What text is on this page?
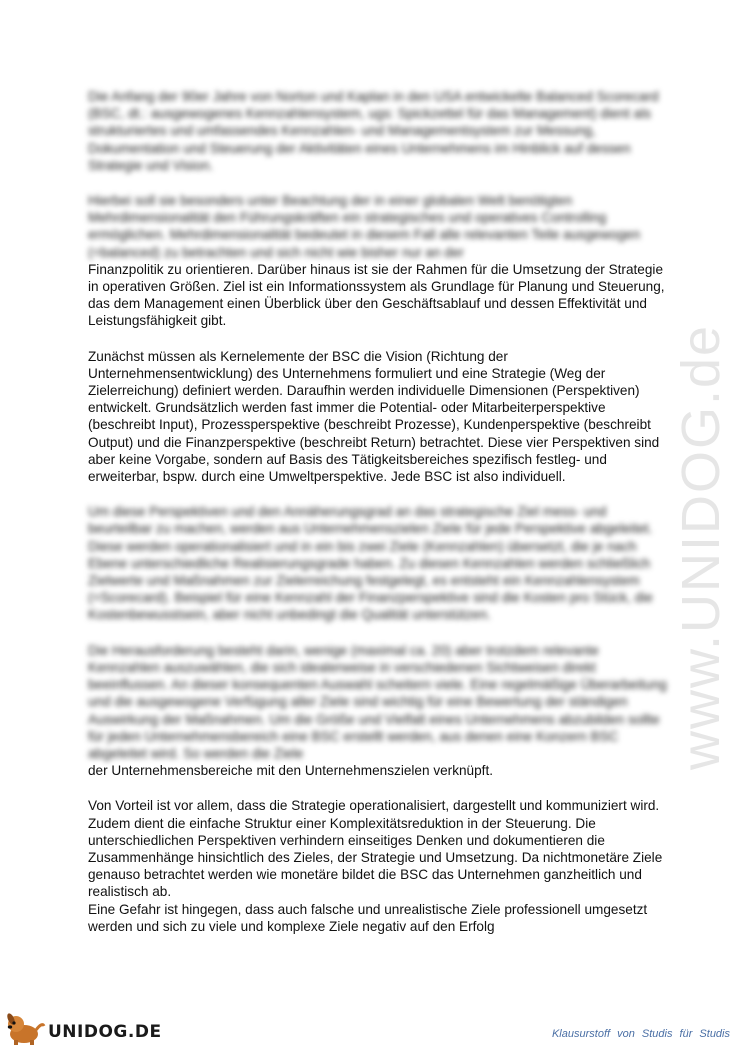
www.UNIDOG.de

Die Anfang der 90er Jahre von Norton und Kaplan in den USA entwickelte Balanced Scorecard (BSC, dt.: ausgewogenes Kennzahlensystem, ugs: Spickzettel für das Management) dient als strukturiertes und umfassendes Kennzahlen- und Managementsystem zur Messung, Dokumentation und Steuerung der Aktivitäten eines Unternehmens im Hinblick auf dessen Strategie und Vision.

Hierbei soll sie besonders unter Beachtung der in einer globalen Welt benötigten Mehrdimensionalität den Führungskräften ein strategisches und operatives Controlling ermöglichen. Mehrdimensionalität bedeutet in diesem Fall alle relevanten Teile ausgewogen (=balanced) zu betrachten und sich nicht wie bisher nur an der

Finanzpolitik zu orientieren. Darüber hinaus ist sie der Rahmen für die Umsetzung der Strategie in operativen Größen. Ziel ist ein Informationssystem als Grundlage für Planung und Steuerung, das dem Management einen Überblick über den Geschäftsablauf und dessen Effektivität und Leistungsfähigkeit gibt.

Zunächst müssen als Kernelemente der BSC die Vision (Richtung der Unternehmensentwicklung) des Unternehmens formuliert und eine Strategie (Weg der Zielerreichung) definiert werden. Daraufhin werden individuelle Dimensionen (Perspektiven) entwickelt. Grundsätzlich werden fast immer die Potential- oder Mitarbeiterperspektive (beschreibt Input), Prozessperspektive (beschreibt Prozesse), Kundenperspektive (beschreibt Output) und die Finanzperspektive (beschreibt Return) betrachtet. Diese vier Perspektiven sind aber keine Vorgabe, sondern auf Basis des Tätigkeitsbereiches spezifisch festleg- und erweiterbar, bspw. durch eine Umweltperspektive. Jede BSC ist also individuell.

Um diese Perspektiven und den Annäherungsgrad an das strategische Ziel mess- und beurteilbar zu machen, werden aus Unternehmenszielen Ziele für jede Perspektive abgeleitet. Diese werden operationalisiert und in ein bis zwei Ziele (Kennzahlen) übersetzt, die je nach Ebene unterschiedliche Realisierungsgrade haben. Zu diesen Kennzahlen werden schließlich Zielwerte und Maßnahmen zur Zielerreichung festgelegt, es entsteht ein Kennzahlensystem (=Scorecard). Beispiel für eine Kennzahl der Finanzperspektive sind die Kosten pro Stück, die Kostenbewusstsein, aber nicht unbedingt die Qualität unterstützen.

Die Herausforderung besteht darin, wenige (maximal ca. 20) aber trotzdem relevante Kennzahlen auszuwählen, die sich idealerweise in verschiedenen Sichtweisen direkt beeinflussen. An dieser konsequenten Auswahl scheitern viele. Eine regelmäßige Überarbeitung und die ausgewogene Verfügung aller Ziele sind wichtig für eine Bewertung der ständigen Auswirkung der Maßnahmen. Um die Größe und Vielfalt eines Unternehmens abzubilden sollte für jeden Unternehmensbereich eine BSC erstellt werden, aus denen eine Konzern BSC abgeleitet wird. So werden die Ziele

der Unternehmensbereiche mit den Unternehmenszielen verknüpft.

Von Vorteil ist vor allem, dass die Strategie operationalisiert, dargestellt und kommuniziert wird. Zudem dient die einfache Struktur einer Komplexitätsreduktion in der Steuerung. Die unterschiedlichen Perspektiven verhindern einseitiges Denken und dokumentieren die Zusammenhänge hinsichtlich des Zieles, der Strategie und Umsetzung. Da nichtmonetäre Ziele genauso betrachtet werden wie monetäre bildet die BSC das Unternehmen ganzheitlich und realistisch ab.
Eine Gefahr ist hingegen, dass auch falsche und unrealistische Ziele professionell umgesetzt werden und sich zu viele und komplexe Ziele negativ auf den Erfolg

UNIDOG.DE	Klausurstoff von Studis für Studis
